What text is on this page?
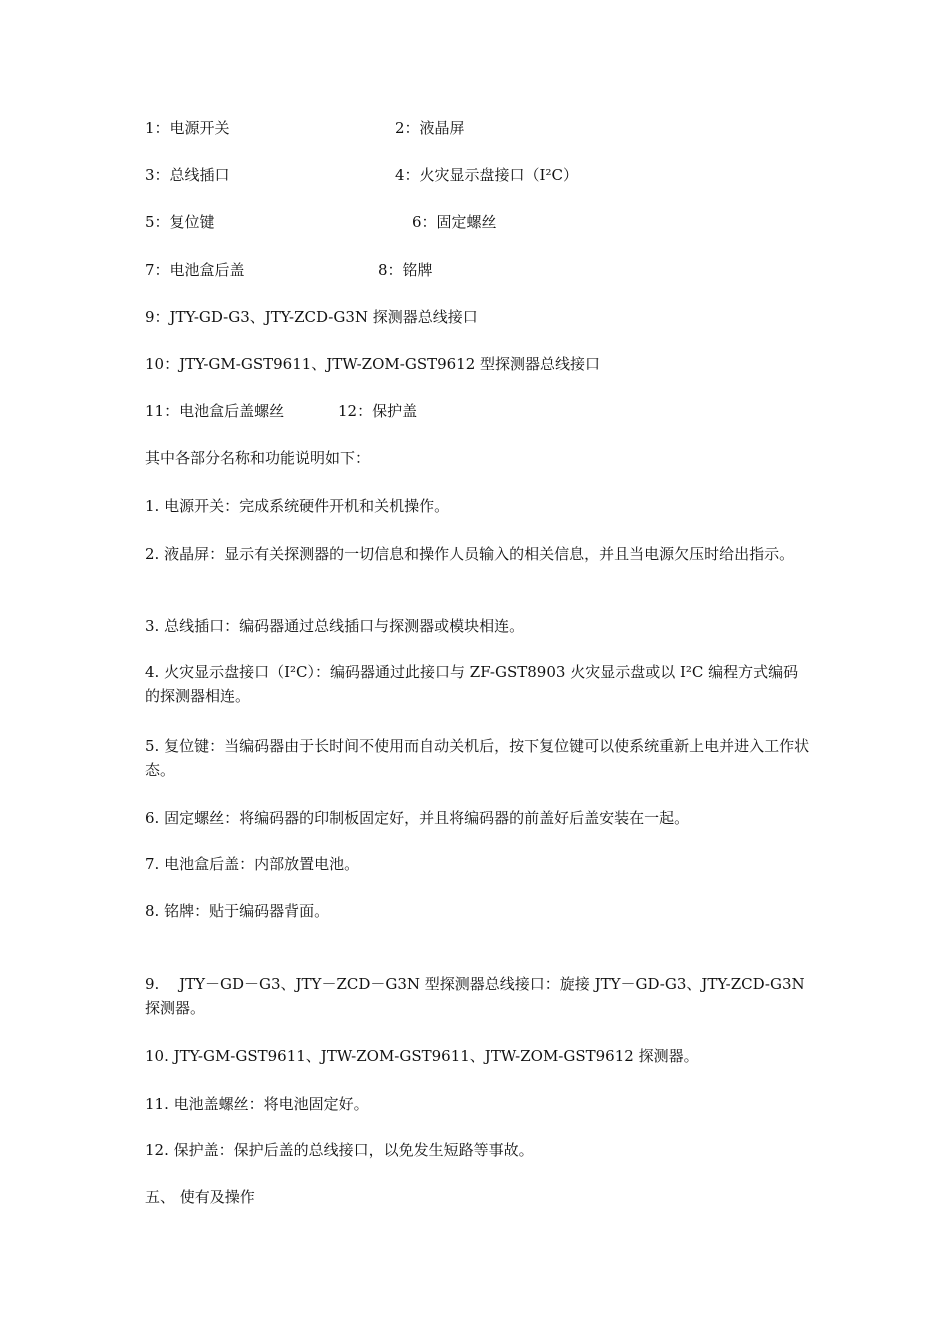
1：电源开关	2：液晶屏
3：总线插口	4：火灾显示盘接口（I²C）
5：复位键	6：固定螺丝
7：电池盒后盖	8：铭牌
9：JTY-GD-G3、JTY-ZCD-G3N 探测器总线接口
10：JTY-GM-GST9611、JTW-ZOM-GST9612 型探测器总线接口
11：电池盒后盖螺丝	12：保护盖
其中各部分名称和功能说明如下：
1. 电源开关：完成系统硬件开机和关机操作。
2. 液晶屏：显示有关探测器的一切信息和操作人员输入的相关信息，并且当电源欠压时给出指示。
3. 总线插口：编码器通过总线插口与探测器或模块相连。
4. 火灾显示盘接口（I²C）：编码器通过此接口与 ZF-GST8903 火灾显示盘或以 I²C 编程方式编码的探测器相连。
5. 复位键：当编码器由于长时间不使用而自动关机后，按下复位键可以使系统重新上电并进入工作状态。
6. 固定螺丝：将编码器的印制板固定好，并且将编码器的前盖好后盖安装在一起。
7. 电池盒后盖：内部放置电池。
8. 铭牌：贴于编码器背面。
9.　 JTY－GD－G3、JTY－ZCD－G3N 型探测器总线接口：旋接 JTY－GD-G3、JTY-ZCD-G3N 探测器。
10. JTY-GM-GST9611、JTW-ZOM-GST9611、JTW-ZOM-GST9612 探测器。
11. 电池盖螺丝：将电池固定好。
12. 保护盖：保护后盖的总线接口，以免发生短路等事故。
五、 使有及操作
